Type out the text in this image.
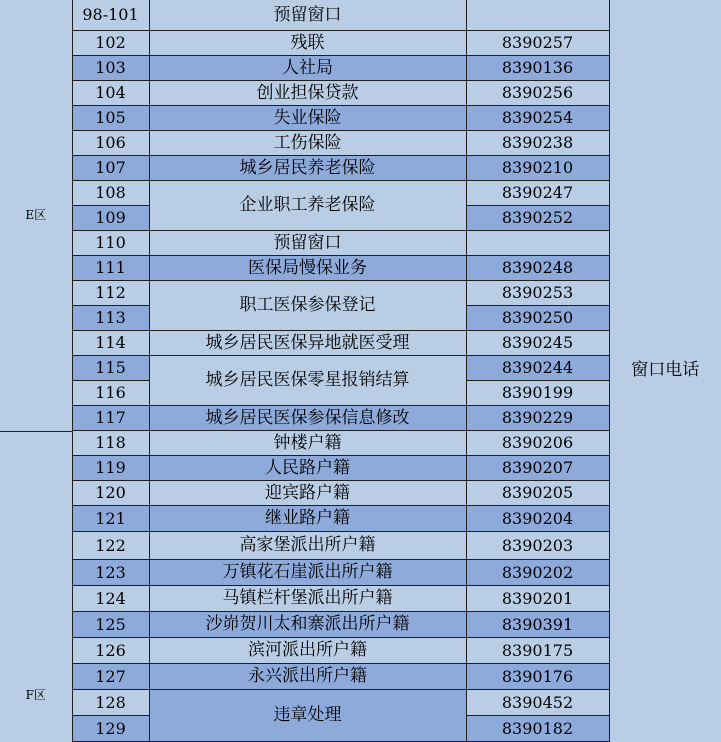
E区	98-101	预留窗口		窗口电话
	102	残联	8390257	
	103	人社局	8390136	
	104	创业担保贷款	8390256	
	105	失业保险	8390254	
	106	工伤保险	8390238	
	107	城乡居民养老保险	8390210	
	108	企业职工养老保险	8390247	
	109		8390252	
	110	预留窗口		
	111	医保局慢保业务	8390248	
	112	职工医保参保登记	8390253	
	113		8390250	
	114	城乡居民医保异地就医受理	8390245	
	115	城乡居民医保零星报销结算	8390244	
	116		8390199	
	117	城乡居民医保参保信息修改	8390229	
F区	118	钟楼户籍	8390206	
	119	人民路户籍	8390207	
	120	迎宾路户籍	8390205	
	121	继业路户籍	8390204	
	122	高家堡派出所户籍	8390203	
	123	万镇花石崖派出所户籍	8390202	
	124	马镇栏杆堡派出所户籍	8390201	
	125	沙峁贺川太和寨派出所户籍	8390391	
	126	滨河派出所户籍	8390175	
	127	永兴派出所户籍	8390176	
	128	违章处理	8390452	
	129		8390182	
